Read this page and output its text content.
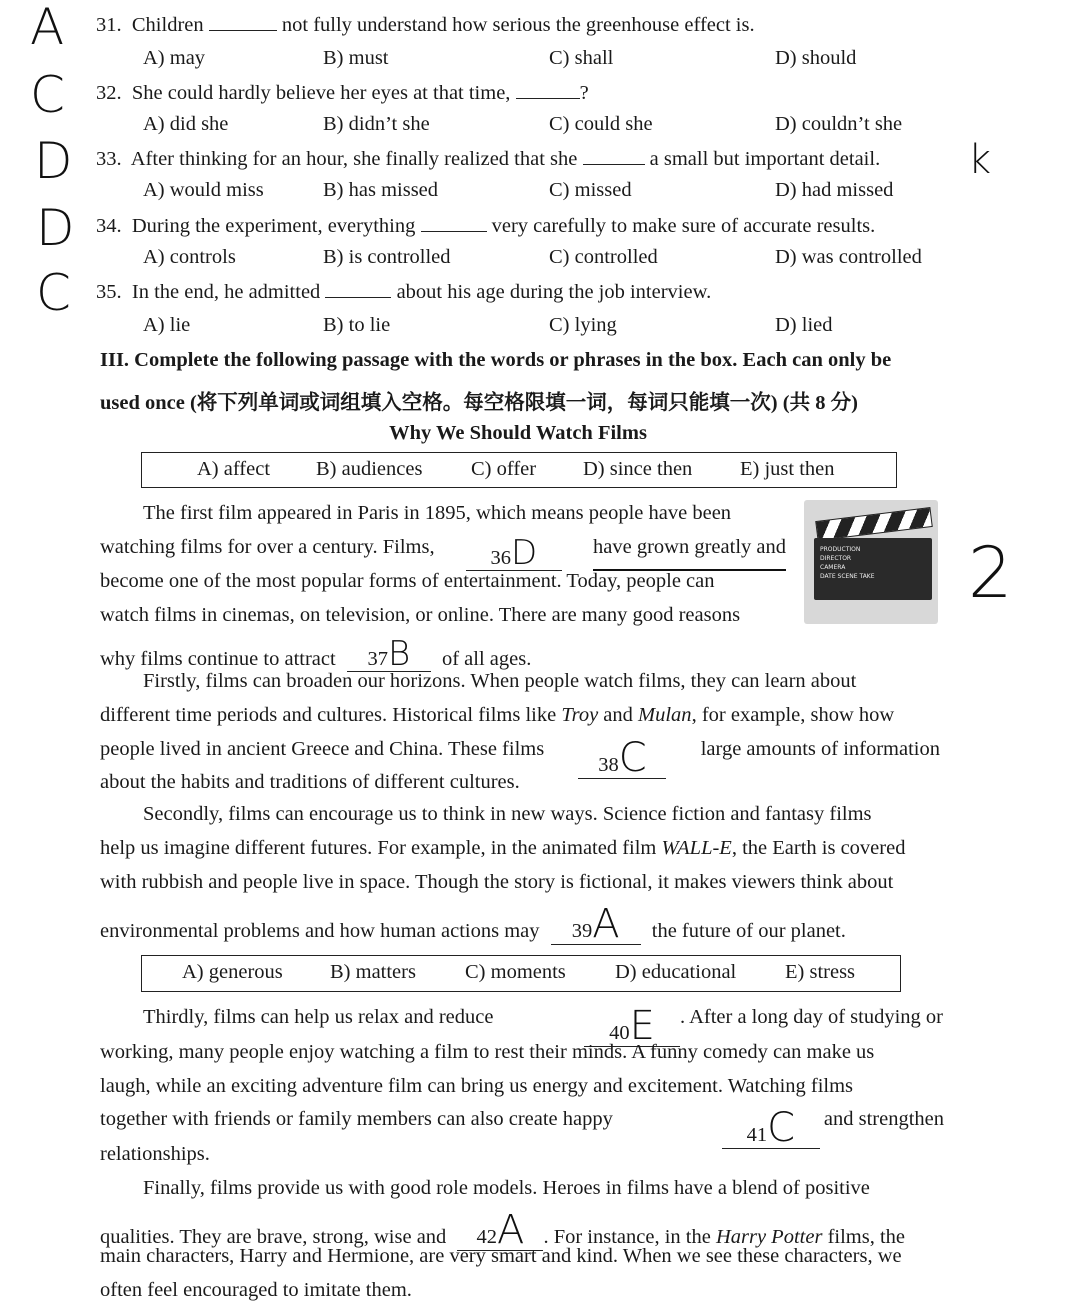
A 31. Children	not fully understand how serious the greenhouse effect is.
A) may	B) must	C) shall	D) should
C 32. She could hardly believe her eyes at that time,	?
A) did she	B) didn’t she	C) could she	D) couldn’t she
D 33. After thinking for an hour, she finally realized that she	a small but important detail. k
A) would miss	B) has missed	C) missed	D) had missed
D 34. During the experiment, everything	very carefully to make sure of accurate results.
A) controls	B) is controlled	C) controlled	D) was controlled
C 35. In the end, he admitted	about his age during the job interview.
A) lie	B) to lie	C) lying	D) lied
III. Complete the following passage with the words or phrases in the box. Each can only be
used once (将下列单词或词组填入空格。每空格限填一词，每词只能填一次) (共 8 分)
Why We Should Watch Films
A) affect B) audiences C) offer D) since then E) just then
PRODUCTION
DIRECTOR
CAMERA
DATE SCENE TAKE 2
The first film appeared in Paris in 1895, which means people have been
watching films for over a century. Films,	36D	have grown greatly and
become one of the most popular forms of entertainment. Today, people can
watch films in cinemas, on television, or online. There are many good reasons
why films continue to attract 37B of all ages.
Firstly, films can broaden our horizons. When people watch films, they can learn about
different time periods and cultures. Historical films like Troy and Mulan, for example, show how
people lived in ancient Greece and China. These films
38C	large amounts of information
about the habits and traditions of different cultures.
Secondly, films can encourage us to think in new ways. Science fiction and fantasy films
help us imagine different futures. For example, in the animated film WALL-E, the Earth is covered
with rubbish and people live in space. Though the story is fictional, it makes viewers think about
environmental problems and how human actions may 39A the future of our planet.
A) generous B) matters C) moments D) educational E) stress
Thirdly, films can help us relax and reduce
40E	. After a long day of studying or
working, many people enjoy watching a film to rest their minds. A funny comedy can make us
laugh, while an exciting adventure film can bring us energy and excitement. Watching films
together with friends or family members can also create happy
41C	and strengthen
relationships.
Finally, films provide us with good role models. Heroes in films have a blend of positive
qualities. They are brave, strong, wise and 42A . For instance, in the Harry Potter films, the
main characters, Harry and Hermione, are very smart and kind. When we see these characters, we
often feel encouraged to imitate them.
